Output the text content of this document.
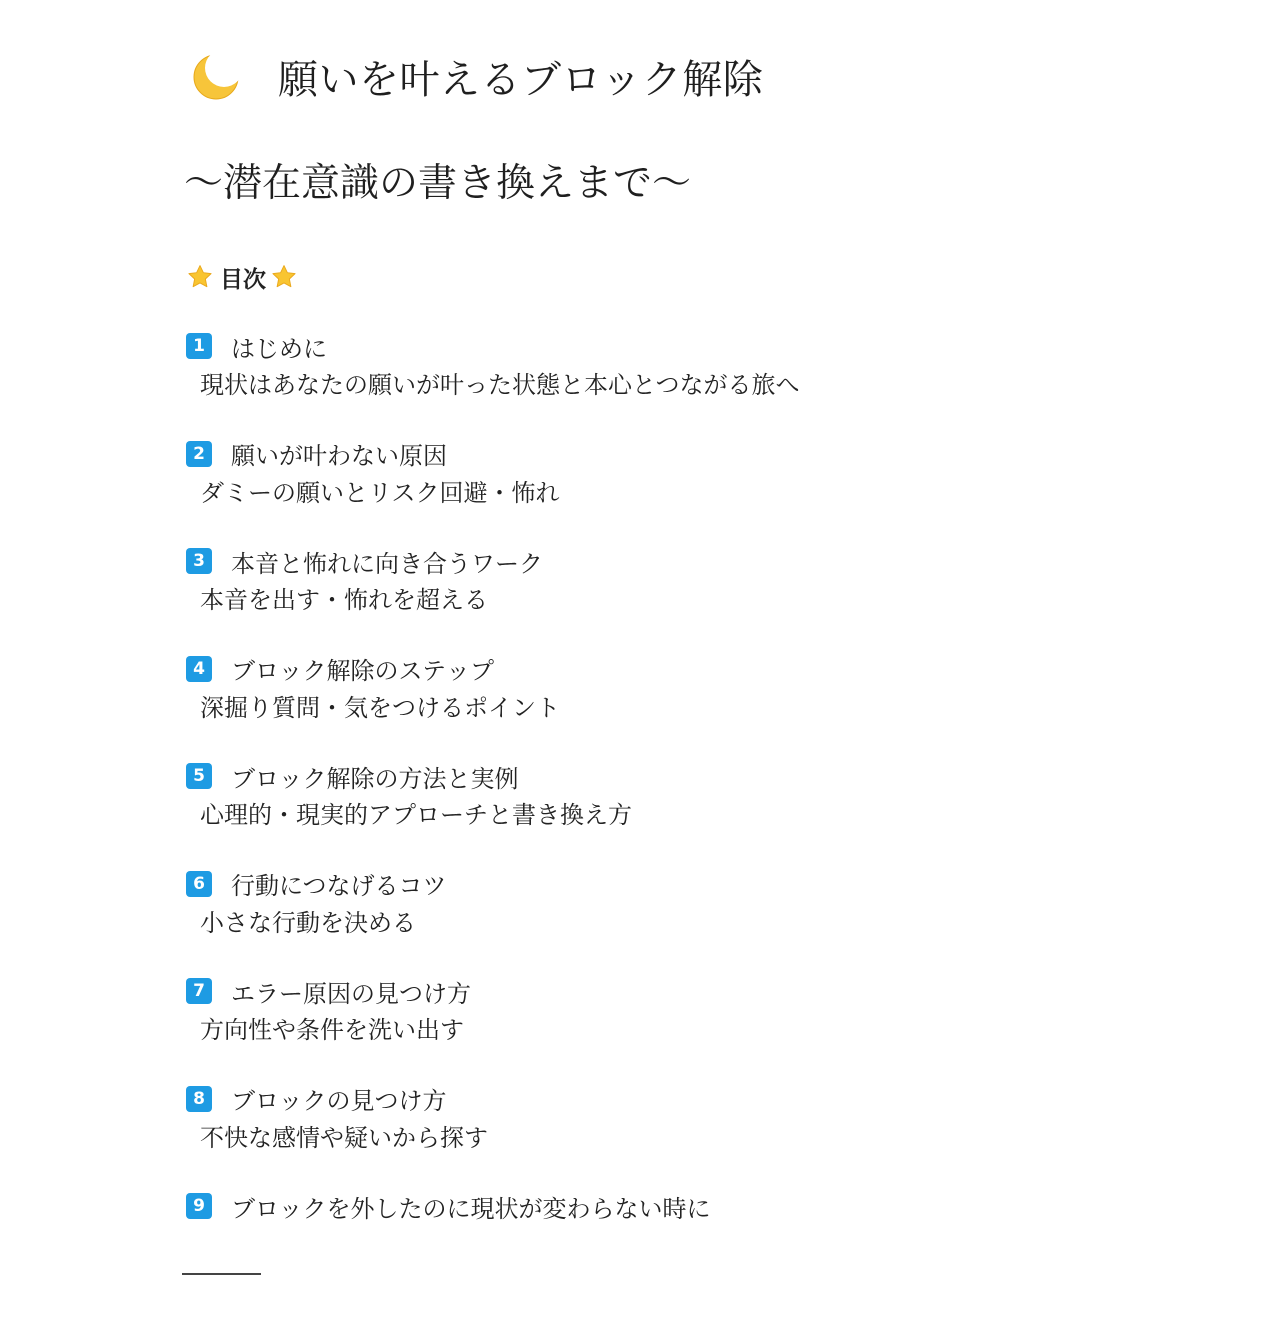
願いを叶えるブロック解除
～潜在意識の書き換えまで～
目次
1 はじめに
現状はあなたの願いが叶った状態と本心とつながる旅へ
2 願いが叶わない原因
ダミーの願いとリスク回避・怖れ
3 本音と怖れに向き合うワーク
本音を出す・怖れを超える
4 ブロック解除のステップ
深掘り質問・気をつけるポイント
5 ブロック解除の方法と実例
心理的・現実的アプローチと書き換え方
6 行動につなげるコツ
小さな行動を決める
7 エラー原因の見つけ方
方向性や条件を洗い出す
8 ブロックの見つけ方
不快な感情や疑いから探す
9 ブロックを外したのに現状が変わらない時に
